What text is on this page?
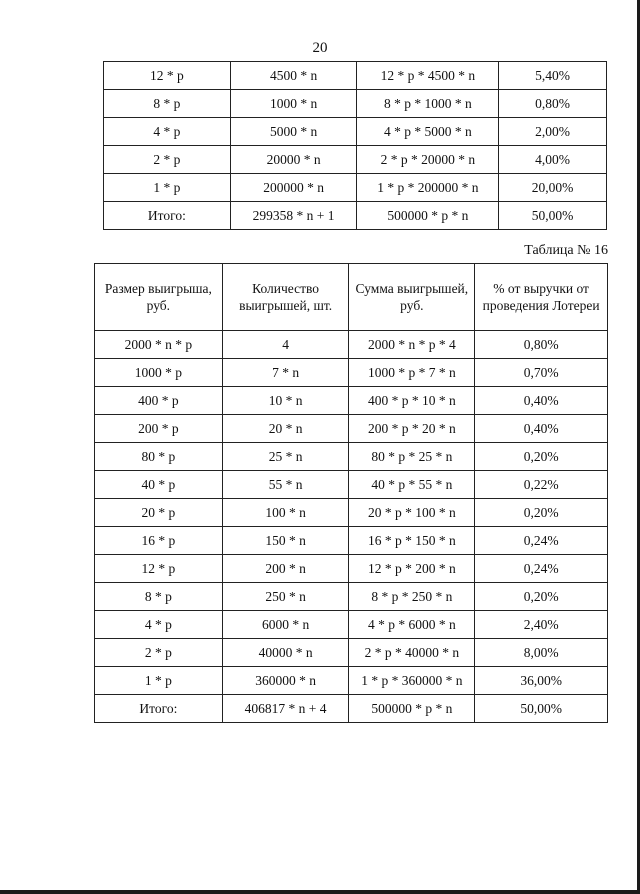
20
12 * р	4500 * n	12 * р * 4500 * n	5,40%
8 * р	1000 * n	8 * р * 1000 * n	0,80%
4 * р	5000 * n	4 * р * 5000 * n	2,00%
2 * р	20000 * n	2 * р * 20000 * n	4,00%
1 * р	200000 * n	1 * р * 200000 * n	20,00%
Итого:	299358 * n + 1	500000 * р * n	50,00%
Таблица № 16
Размер выигрыша, руб.	Количество выигрышей, шт.	Сумма выигрышей, руб.	% от выручки от проведения Лотереи
2000 * n * р	4	2000 * n * р * 4	0,80%
1000 * р	7 * n	1000 * р * 7 * n	0,70%
400 * р	10 * n	400 * р * 10 * n	0,40%
200 * р	20 * n	200 * р * 20 * n	0,40%
80 * р	25 * n	80 * р * 25 * n	0,20%
40 * р	55 * n	40 * р * 55 * n	0,22%
20 * р	100 * n	20 * р * 100 * n	0,20%
16 * р	150 * n	16 * р * 150 * n	0,24%
12 * р	200 * n	12 * р * 200 * n	0,24%
8 * р	250 * n	8 * р * 250 * n	0,20%
4 * р	6000 * n	4 * р * 6000 * n	2,40%
2 * р	40000 * n	2 * р * 40000 * n	8,00%
1 * р	360000 * n	1 * р * 360000 * n	36,00%
Итого:	406817 * n + 4	500000 * р * n	50,00%
